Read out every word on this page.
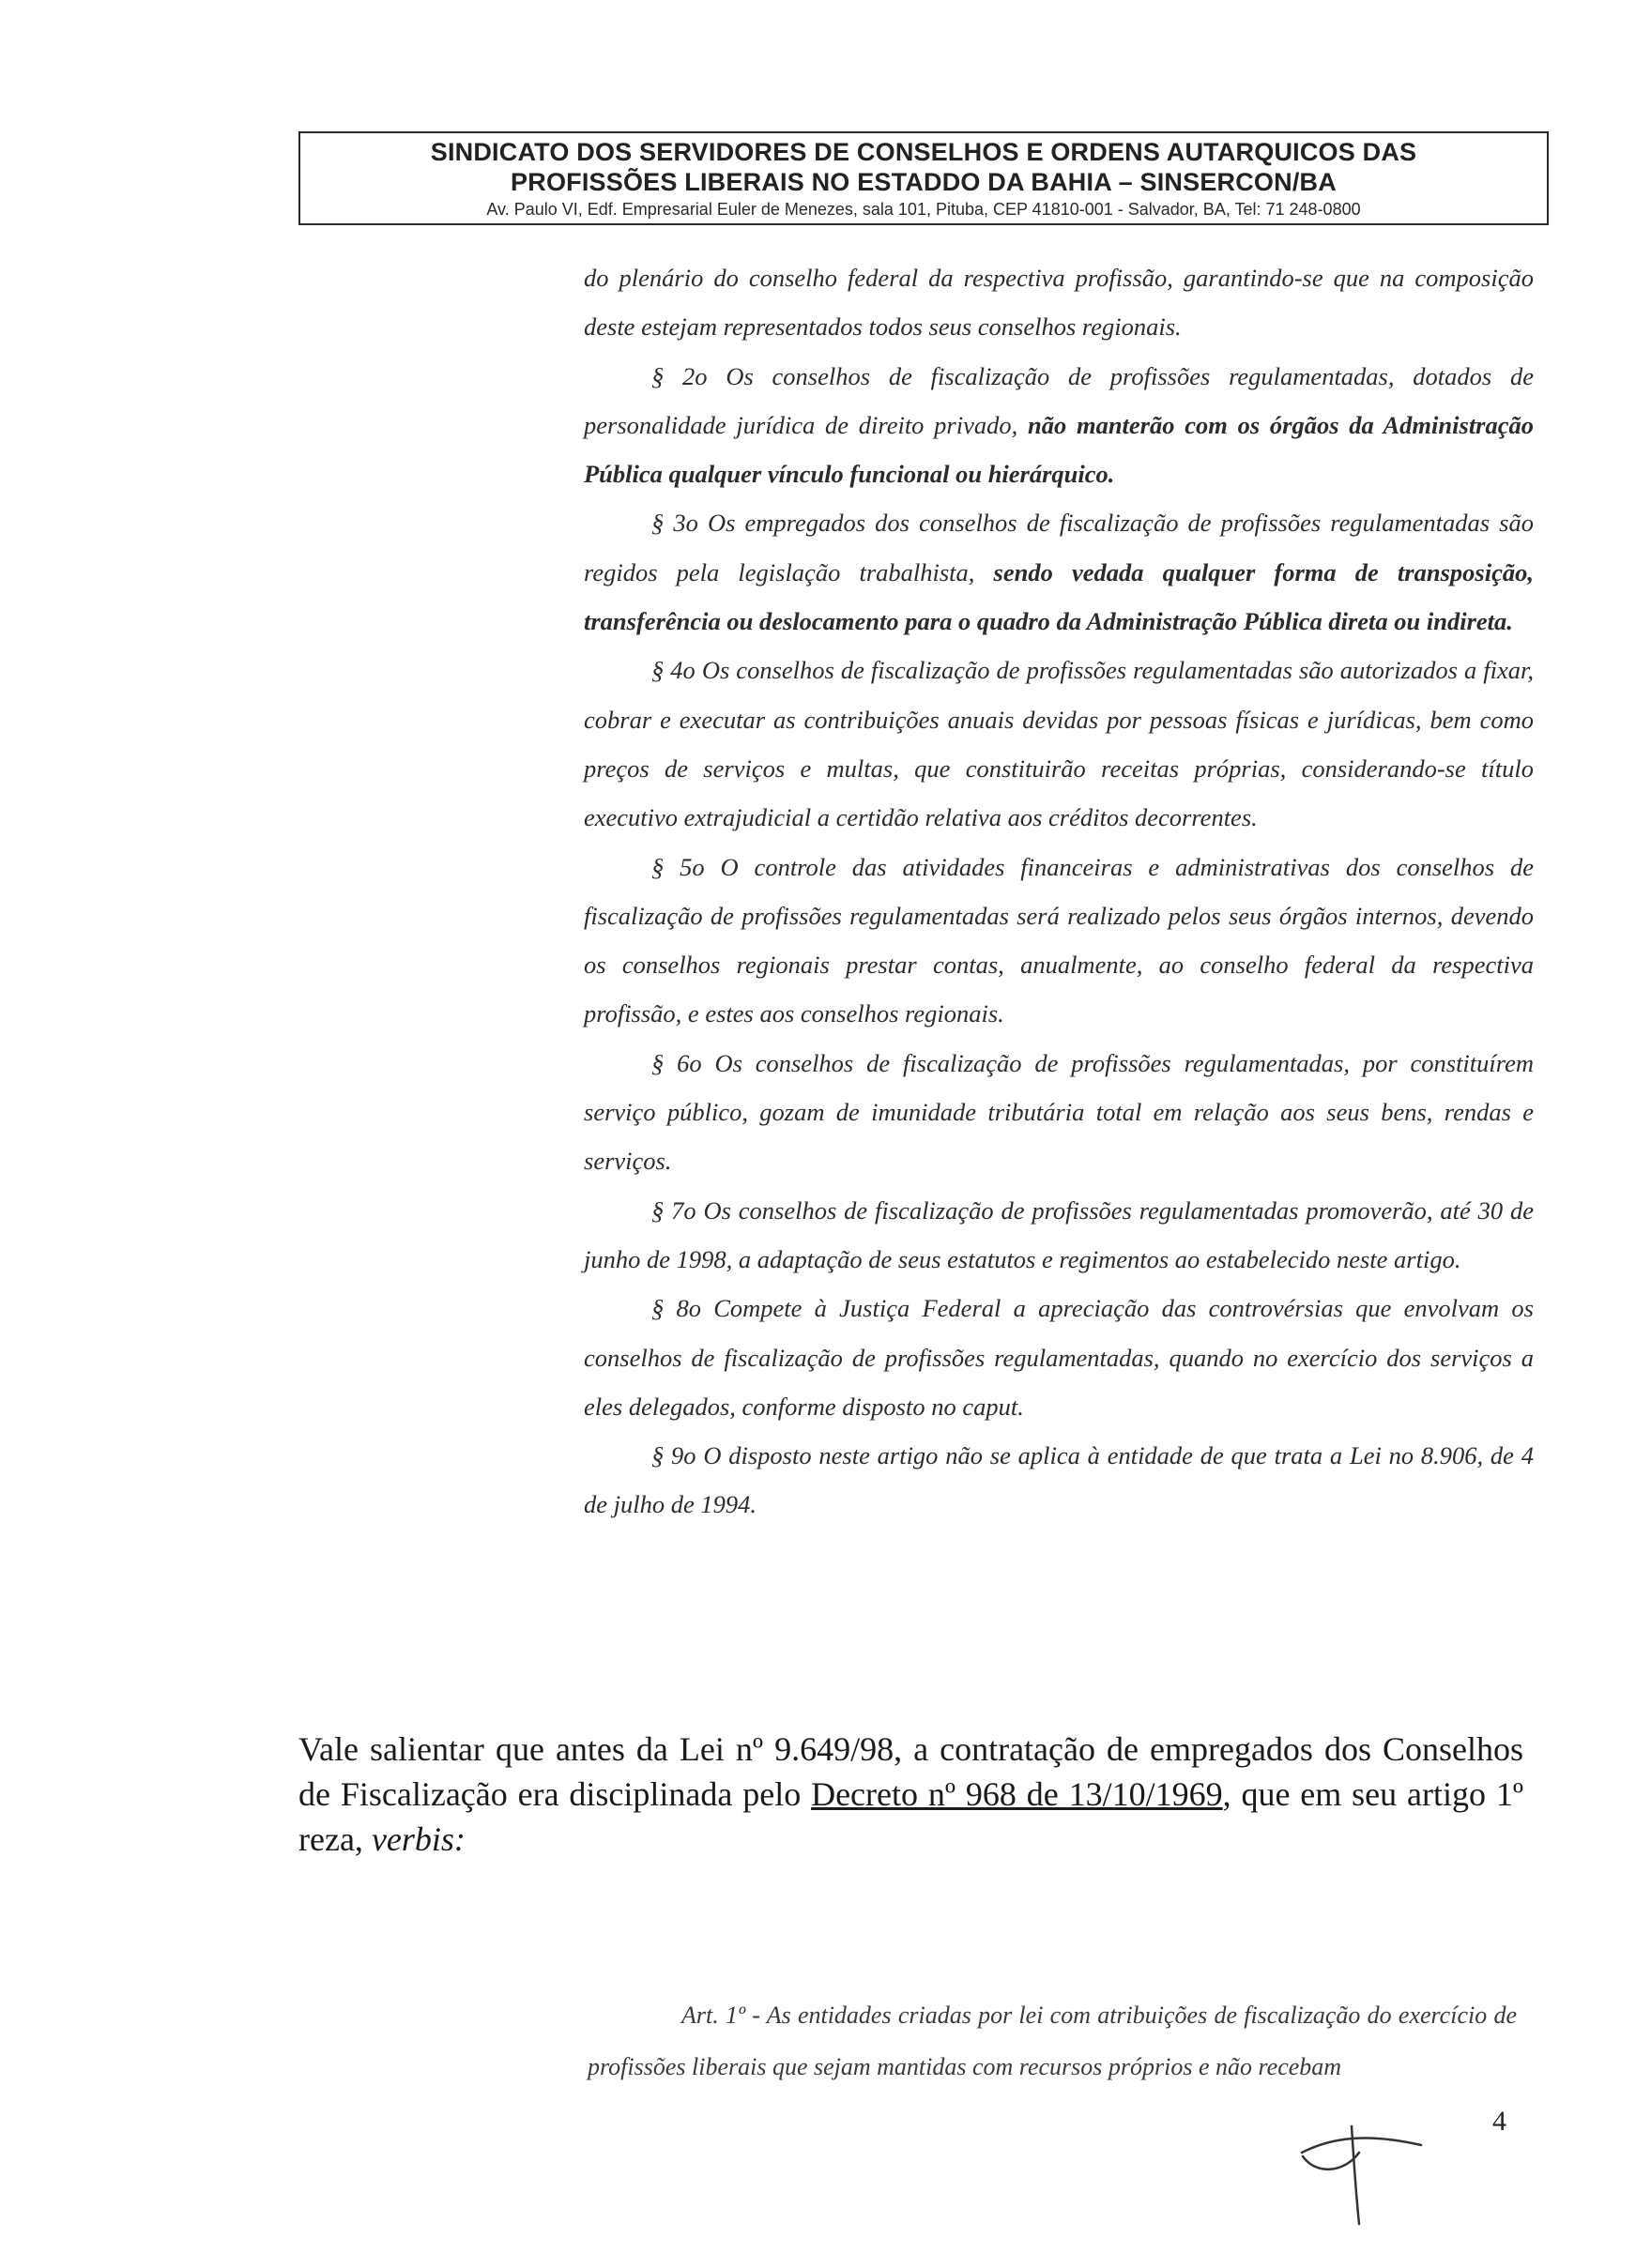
SINDICATO DOS SERVIDORES DE CONSELHOS E ORDENS AUTARQUICOS DAS
PROFISSÕES LIBERAIS NO ESTADDO DA BAHIA – SINSERCON/BA
Av. Paulo VI, Edf. Empresarial Euler de Menezes, sala 101, Pituba, CEP 41810-001 - Salvador, BA, Tel: 71 248-0800

do plenário do conselho federal da respectiva profissão, garantindo-se que na composição deste estejam representados todos seus conselhos regionais.

§ 2o Os conselhos de fiscalização de profissões regulamentadas, dotados de personalidade jurídica de direito privado, não manterão com os órgãos da Administração Pública qualquer vínculo funcional ou hierárquico.

§ 3o Os empregados dos conselhos de fiscalização de profissões regulamentadas são regidos pela legislação trabalhista, sendo vedada qualquer forma de transposição, transferência ou deslocamento para o quadro da Administração Pública direta ou indireta.

§ 4o Os conselhos de fiscalização de profissões regulamentadas são autorizados a fixar, cobrar e executar as contribuições anuais devidas por pessoas físicas e jurídicas, bem como preços de serviços e multas, que constituirão receitas próprias, considerando-se título executivo extrajudicial a certidão relativa aos créditos decorrentes.

§ 5o O controle das atividades financeiras e administrativas dos conselhos de fiscalização de profissões regulamentadas será realizado pelos seus órgãos internos, devendo os conselhos regionais prestar contas, anualmente, ao conselho federal da respectiva profissão, e estes aos conselhos regionais.

§ 6o Os conselhos de fiscalização de profissões regulamentadas, por constituírem serviço público, gozam de imunidade tributária total em relação aos seus bens, rendas e serviços.

§ 7o Os conselhos de fiscalização de profissões regulamentadas promoverão, até 30 de junho de 1998, a adaptação de seus estatutos e regimentos ao estabelecido neste artigo.

§ 8o Compete à Justiça Federal a apreciação das controvérsias que envolvam os conselhos de fiscalização de profissões regulamentadas, quando no exercício dos serviços a eles delegados, conforme disposto no caput.

§ 9o O disposto neste artigo não se aplica à entidade de que trata a Lei no 8.906, de 4 de julho de 1994.

Vale salientar que antes da Lei nº 9.649/98, a contratação de empregados dos Conselhos de Fiscalização era disciplinada pelo Decreto nº 968 de 13/10/1969, que em seu artigo 1º reza, verbis:

Art. 1º - As entidades criadas por lei com atribuições de fiscalização do exercício de profissões liberais que sejam mantidas com recursos próprios e não recebam

4
